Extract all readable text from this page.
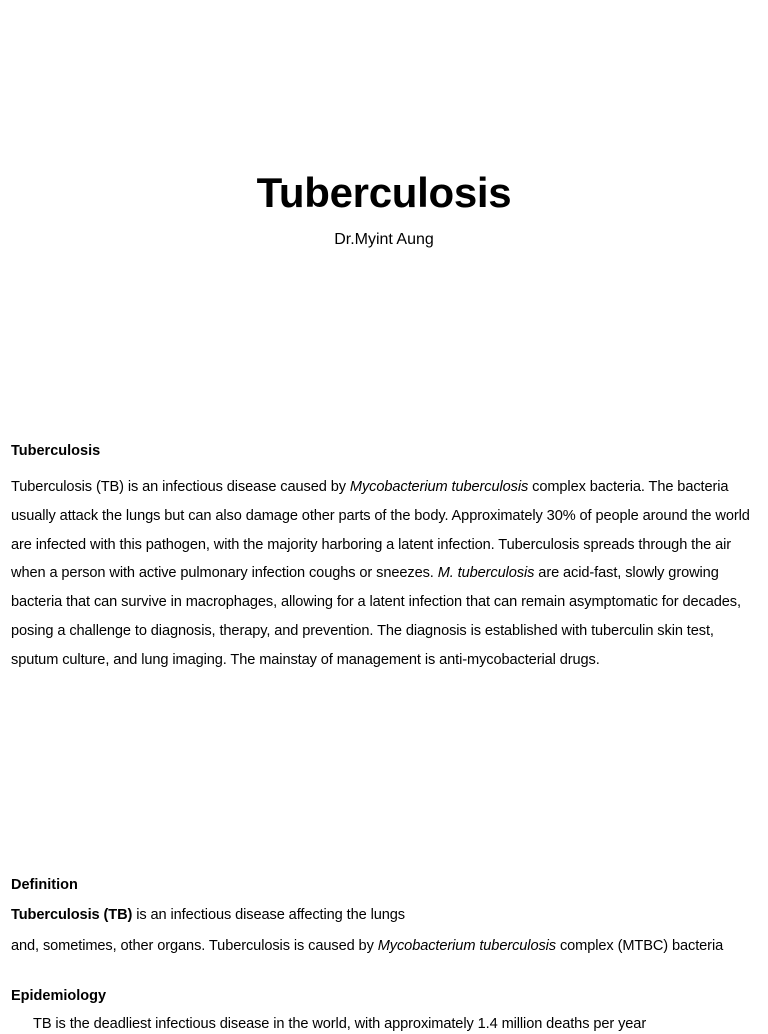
Tuberculosis
Dr.Myint Aung
Tuberculosis
Tuberculosis (TB) is an infectious disease caused by Mycobacterium tuberculosis complex bacteria. The bacteria usually attack the lungs but can also damage other parts of the body. Approximately 30% of people around the world are infected with this pathogen, with the majority harboring a latent infection. Tuberculosis spreads through the air when a person with active pulmonary infection coughs or sneezes. M. tuberculosis are acid-fast, slowly growing bacteria that can survive in macrophages, allowing for a latent infection that can remain asymptomatic for decades, posing a challenge to diagnosis, therapy, and prevention. The diagnosis is established with tuberculin skin test, sputum culture, and lung imaging. The mainstay of management is anti-mycobacterial drugs.
Definition
Tuberculosis (TB) is an infectious disease affecting the lungs
and, sometimes, other organs. Tuberculosis is caused by Mycobacterium tuberculosis complex (MTBC) bacteria
Epidemiology
TB is the deadliest infectious disease in the world, with approximately 1.4 million deaths per year
